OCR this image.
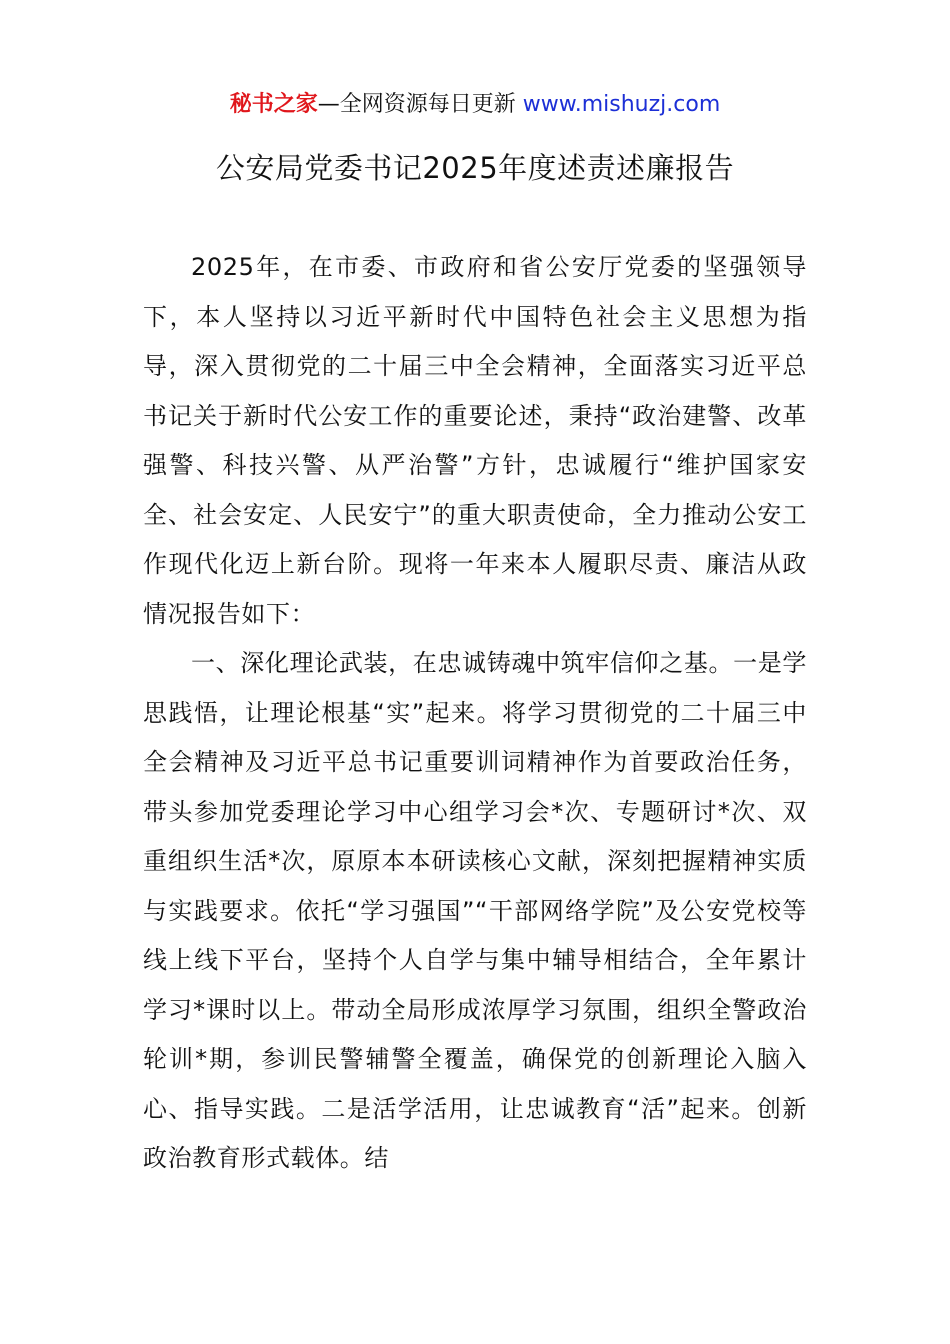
秘书之家—全网资源每日更新 www.mishuzj.com
公安局党委书记2025年度述责述廉报告

2025年，在市委、市政府和省公安厅党委的坚强领导下，本人坚持以习近平新时代中国特色社会主义思想为指导，深入贯彻党的二十届三中全会精神，全面落实习近平总书记关于新时代公安工作的重要论述，秉持“政治建警、改革强警、科技兴警、从严治警”方针，忠诚履行“维护国家安全、社会安定、人民安宁”的重大职责使命，全力推动公安工作现代化迈上新台阶。现将一年来本人履职尽责、廉洁从政情况报告如下：

一、深化理论武装，在忠诚铸魂中筑牢信仰之基。一是学思践悟，让理论根基“实”起来。将学习贯彻党的二十届三中全会精神及习近平总书记重要训词精神作为首要政治任务，带头参加党委理论学习中心组学习会*次、专题研讨*次、双重组织生活*次，原原本本研读核心文献，深刻把握精神实质与实践要求。依托“学习强国”“干部网络学院”及公安党校等线上线下平台，坚持个人自学与集中辅导相结合，全年累计学习*课时以上。带动全局形成浓厚学习氛围，组织全警政治轮训*期，参训民警辅警全覆盖，确保党的创新理论入脑入心、指导实践。二是活学活用，让忠诚教育“活”起来。创新政治教育形式载体。结
